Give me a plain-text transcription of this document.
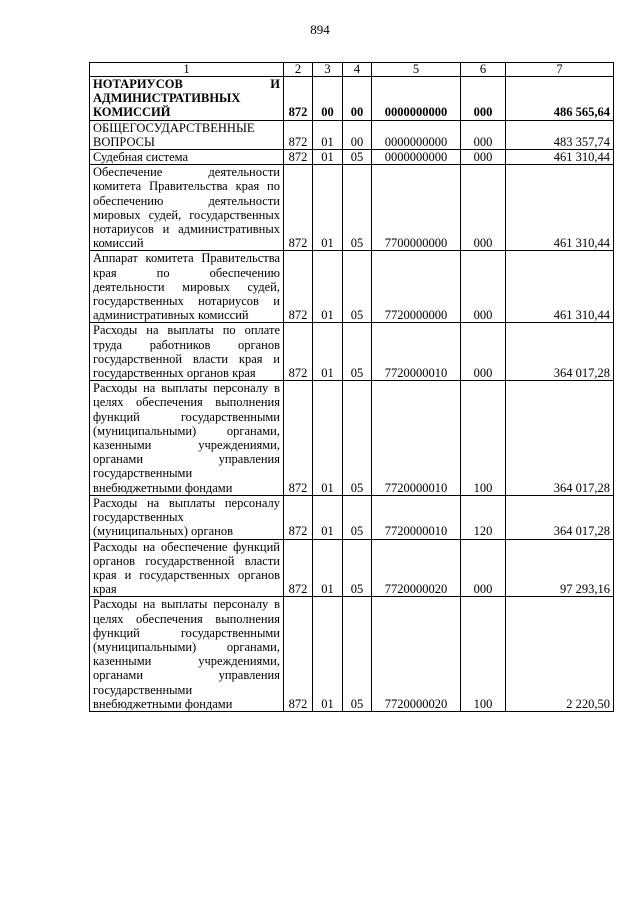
894
1	2	3	4	5	6	7
НОТАРИУСОВ И АДМИНИСТРАТИВНЫХ КОМИССИЙ	872	00	00	0000000000	000	486 565,64
ОБЩЕГОСУДАРСТВЕННЫЕ ВОПРОСЫ	872	01	00	0000000000	000	483 357,74
Судебная система	872	01	05	0000000000	000	461 310,44
Обеспечение деятельности комитета Правительства края по обеспечению деятельности мировых судей, государственных нотариусов и административных комиссий	872	01	05	7700000000	000	461 310,44
Аппарат комитета Правительства края по обеспечению деятельности мировых судей, государственных нотариусов и административных комиссий	872	01	05	7720000000	000	461 310,44
Расходы на выплаты по оплате труда работников органов государственной власти края и государственных органов края	872	01	05	7720000010	000	364 017,28
Расходы на выплаты персоналу в целях обеспечения выполнения функций государственными (муниципальными) органами, казенными учреждениями, органами управления государственными внебюджетными фондами	872	01	05	7720000010	100	364 017,28
Расходы на выплаты персоналу государственных (муниципальных) органов	872	01	05	7720000010	120	364 017,28
Расходы на обеспечение функций органов государственной власти края и государственных органов края	872	01	05	7720000020	000	97 293,16
Расходы на выплаты персоналу в целях обеспечения выполнения функций государственными (муниципальными) органами, казенными учреждениями, органами управления государственными внебюджетными фондами	872	01	05	7720000020	100	2 220,50
